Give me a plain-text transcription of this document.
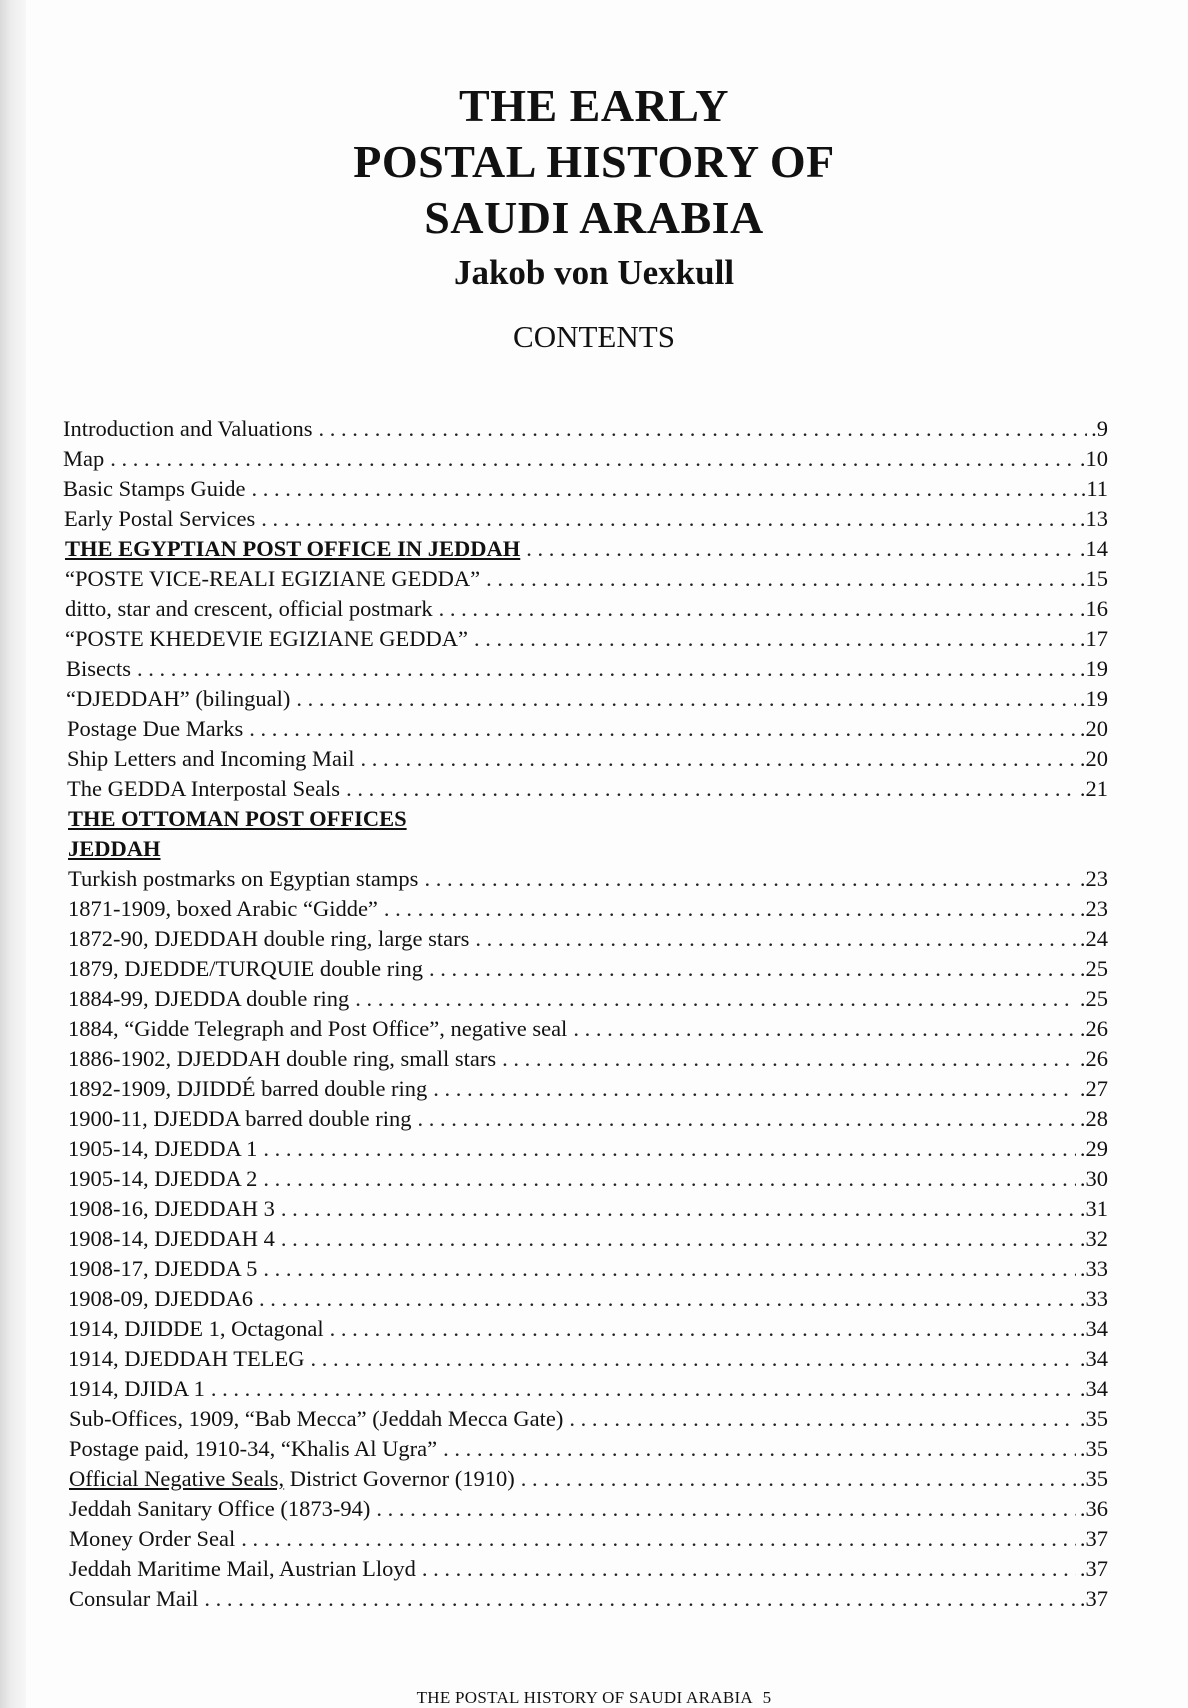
THE EARLY
POSTAL HISTORY OF
SAUDI ARABIA
Jakob von Uexkull
CONTENTS
Introduction and Valuations . . .	.9
Map . . .	.10
Basic Stamps Guide . . .	.11
Early Postal Services . . .	.13
THE EGYPTIAN POST OFFICE IN JEDDAH . . .	.14
“POSTE VICE-REALI EGIZIANE GEDDA” . . .	.15
ditto, star and crescent, official postmark . . .	.16
“POSTE KHEDEVIE EGIZIANE GEDDA” . . .	.17
Bisects . . .	.19
“DJEDDAH” (bilingual) . . .	.19
Postage Due Marks . . .	.20
Ship Letters and Incoming Mail . . .	.20
The GEDDA Interpostal Seals . . .	.21
THE OTTOMAN POST OFFICES
JEDDAH
Turkish postmarks on Egyptian stamps . . .	.23
1871-1909, boxed Arabic “Gidde” . . .	.23
1872-90, DJEDDAH double ring, large stars . . .	.24
1879, DJEDDE/TURQUIE double ring . . .	.25
1884-99, DJEDDA double ring . . .	.25
1884, “Gidde Telegraph and Post Office”, negative seal . . .	.26
1886-1902, DJEDDAH double ring, small stars . . .	.26
1892-1909, DJIDDÉ barred double ring . . .	.27
1900-11, DJEDDA barred double ring . . .	.28
1905-14, DJEDDA 1 . . .	.29
1905-14, DJEDDA 2 . . .	.30
1908-16, DJEDDAH 3 . . .	.31
1908-14, DJEDDAH 4 . . .	.32
1908-17, DJEDDA 5 . . .	.33
1908-09, DJEDDA6 . . .	.33
1914, DJIDDE 1, Octagonal . . .	.34
1914, DJEDDAH TELEG . . .	.34
1914, DJIDA 1 . . .	.34
Sub-Offices, 1909, “Bab Mecca” (Jeddah Mecca Gate) . . .	.35
Postage paid, 1910-34, “Khalis Al Ugra” . . .	.35
Official Negative Seals, District Governor (1910) . . .	.35
Jeddah Sanitary Office (1873-94) . . .	.36
Money Order Seal . . .	.37
Jeddah Maritime Mail, Austrian Lloyd . . .	.37
Consular Mail . . .	.37
THE POSTAL HISTORY OF SAUDI ARABIA 5
